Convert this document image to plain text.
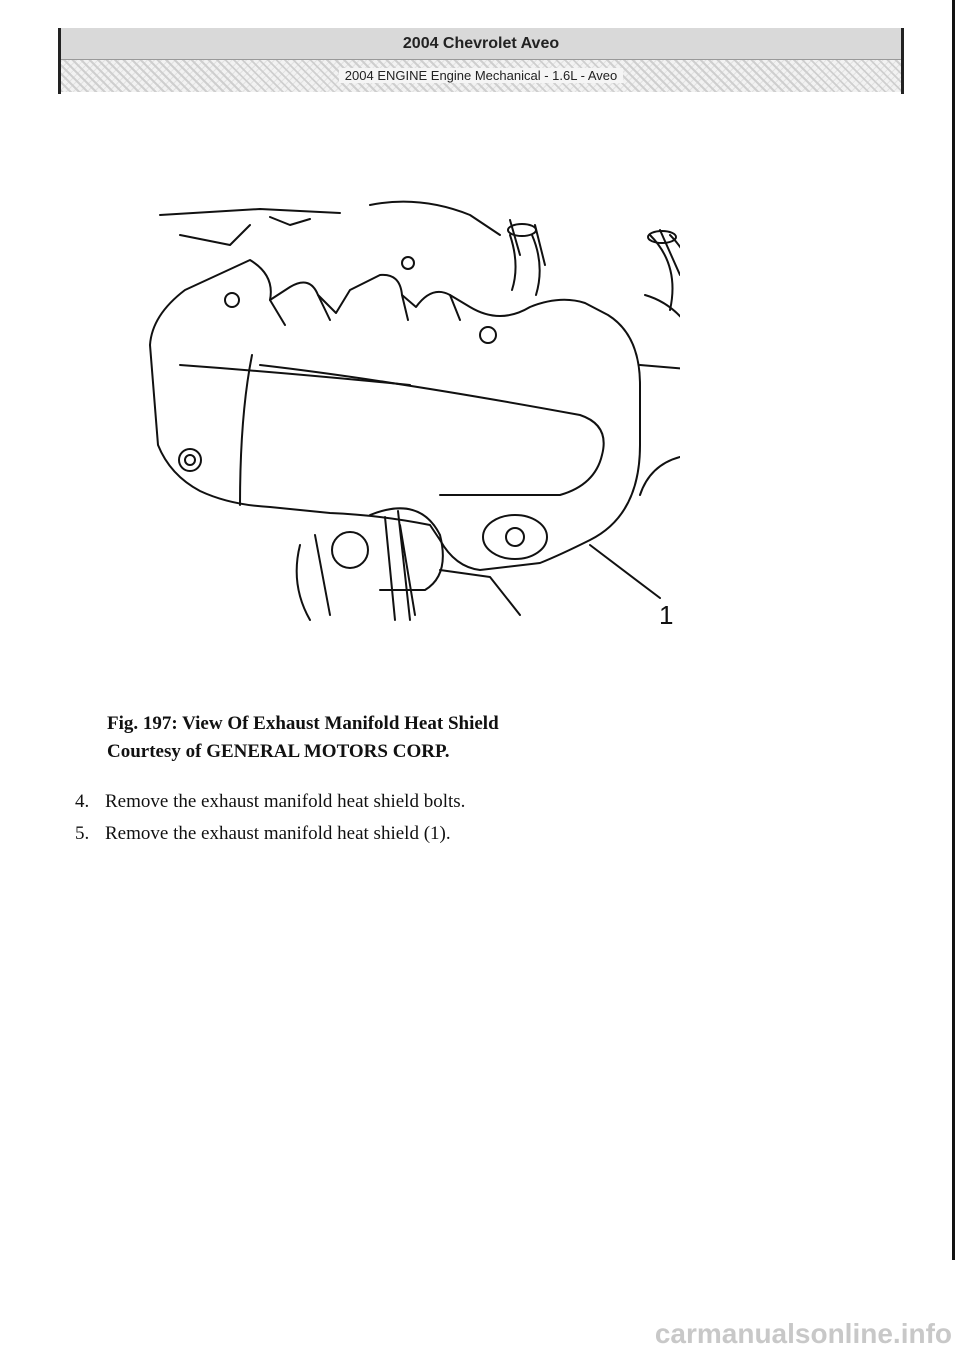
2004 Chevrolet Aveo
2004 ENGINE Engine Mechanical - 1.6L - Aveo
1
Fig. 197: View Of Exhaust Manifold Heat Shield
Courtesy of GENERAL MOTORS CORP.
4. Remove the exhaust manifold heat shield bolts.
5. Remove the exhaust manifold heat shield (1).
carmanualsonline.info
